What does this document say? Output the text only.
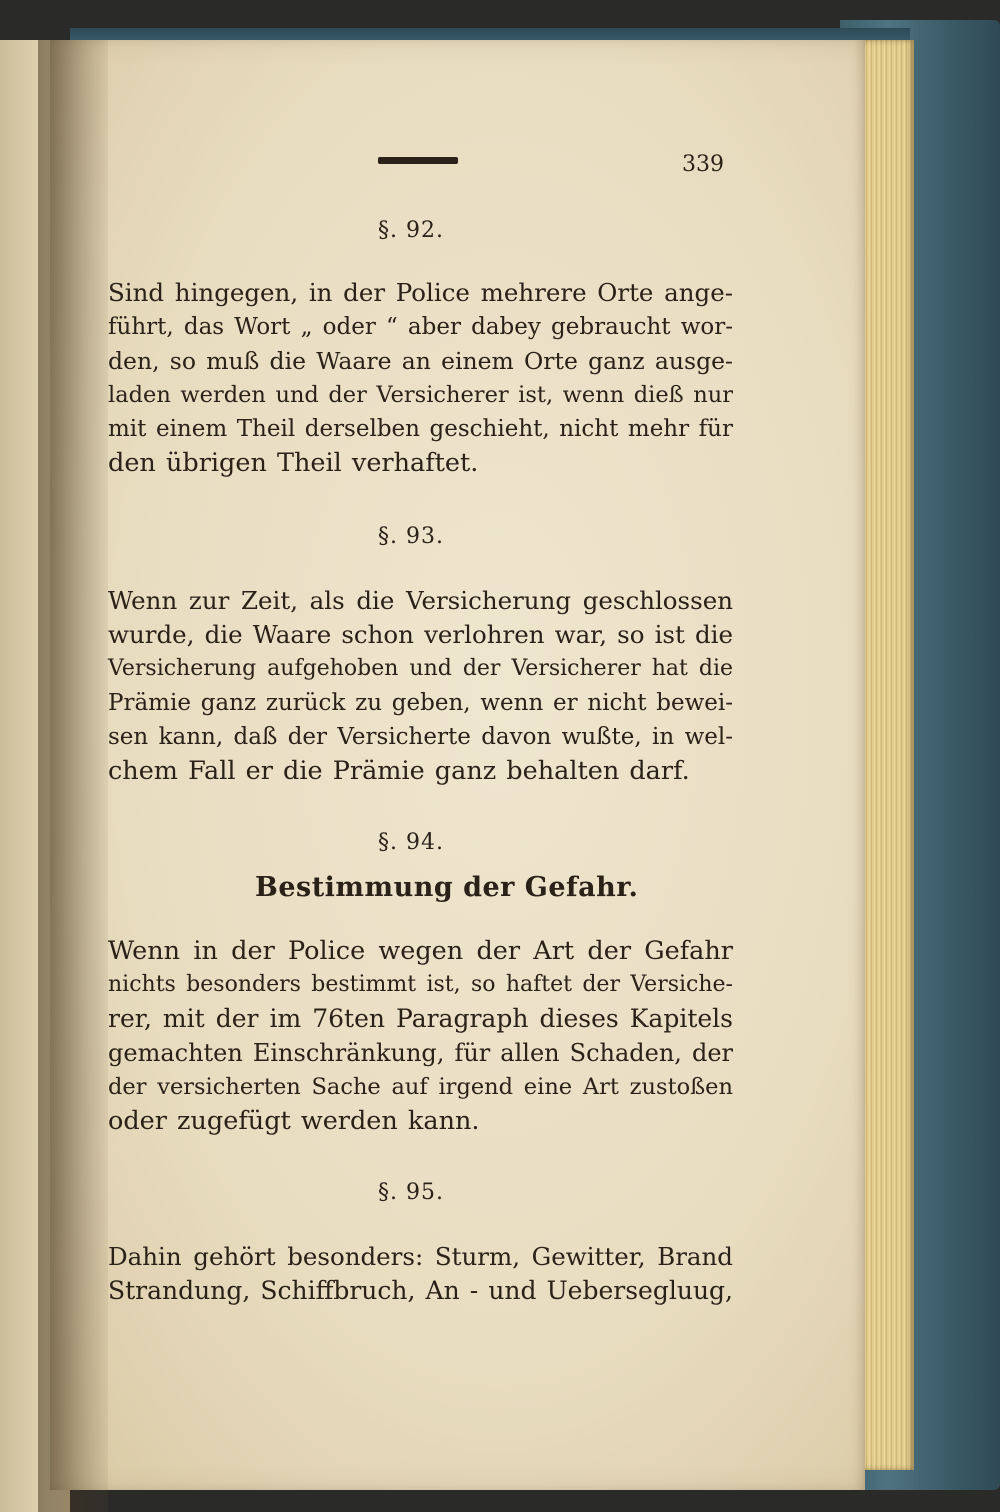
339
§. 92.
Sind hingegen, in der Police mehrere Orte ange-
führt, das Wort „ oder “ aber dabey gebraucht wor-
den, so muß die Waare an einem Orte ganz ausge-
laden werden und der Versicherer ist, wenn dieß nur
mit einem Theil derselben geschieht, nicht mehr für
den übrigen Theil verhaftet.
§. 93.
Wenn zur Zeit, als die Versicherung geschlossen
wurde, die Waare schon verlohren war, so ist die
Versicherung aufgehoben und der Versicherer hat die
Prämie ganz zurück zu geben, wenn er nicht bewei-
sen kann, daß der Versicherte davon wußte, in wel-
chem Fall er die Prämie ganz behalten darf.
§. 94.
Bestimmung der Gefahr.
Wenn in der Police wegen der Art der Gefahr
nichts besonders bestimmt ist, so haftet der Versiche-
rer, mit der im 76ten Paragraph dieses Kapitels
gemachten Einschränkung, für allen Schaden, der
der versicherten Sache auf irgend eine Art zustoßen
oder zugefügt werden kann.
§. 95.
Dahin gehört besonders: Sturm, Gewitter, Brand
Strandung, Schiffbruch, An - und Uebersegluug,
